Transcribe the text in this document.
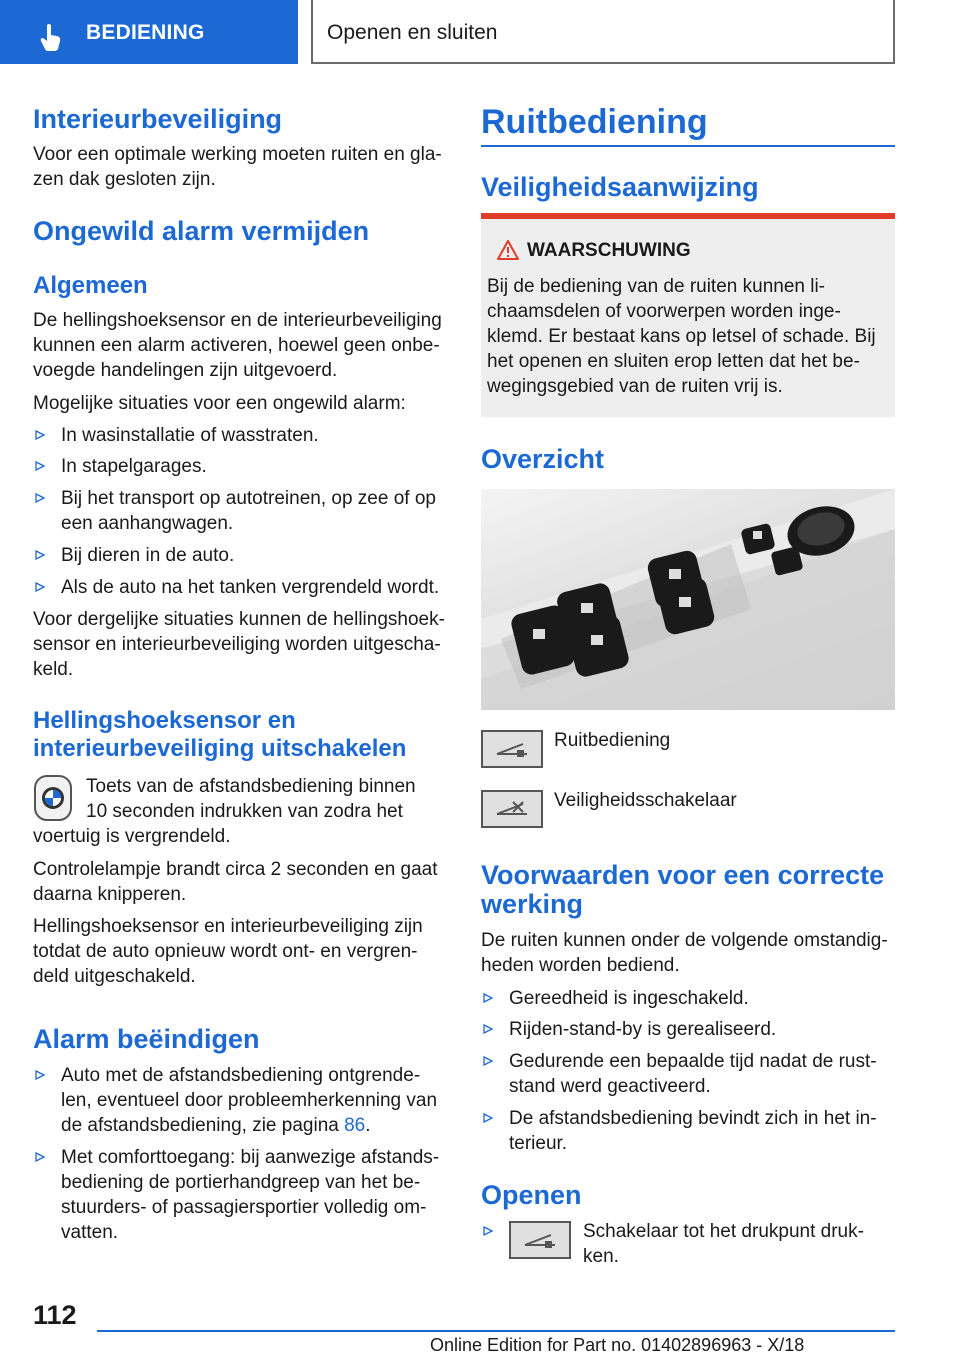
BEDIENING	Openen en sluiten
Interieurbeveiliging

Voor een optimale werking moeten ruiten en gla-

zen dak gesloten zijn.

Ongewild alarm vermijden
Algemeen

De hellingshoeksensor en de interieurbeveiliging

kunnen een alarm activeren, hoewel geen onbe-

voegde handelingen zijn uitgevoerd.

Mogelijke situaties voor een ongewild alarm:

In wasinstallatie of wasstraten.
In stapelgarages.
Bij het transport op autotreinen, op zee of op
een aanhangwagen.
Bij dieren in de auto.
Als de auto na het tanken vergrendeld wordt.

Voor dergelijke situaties kunnen de hellingshoek-

sensor en interieurbeveiliging worden uitgescha-

keld.

Hellingshoeksensor en
interieurbeveiliging uitschakelen

Toets van de afstandsbediening binnen

10 seconden indrukken van zodra het

voertuig is vergrendeld.

Controlelampje brandt circa 2 seconden en gaat

daarna knipperen.

Hellingshoeksensor en interieurbeveiliging zijn

totdat de auto opnieuw wordt ont- en vergren-

deld uitgeschakeld.

Alarm beëindigen
Auto met de afstandsbediening ontgrende-
len, eventueel door probleemherkenning van
de afstandsbediening, zie pagina 86.
Met comforttoegang: bij aanwezige afstands-
bediening de portierhandgreep van het be-
stuurders- of passagiersportier volledig om-
vatten.
Ruitbediening
Veiligheidsaanwijzing
WAARSCHUWING

Bij de bediening van de ruiten kunnen li-

chaamsdelen of voorwerpen worden inge-

klemd. Er bestaat kans op letsel of schade. Bij

het openen en sluiten erop letten dat het be-

wegingsgebied van de ruiten vrij is.

Overzicht

Ruitbediening

Veiligheidsschakelaar

Voorwaarden voor een correcte
werking

De ruiten kunnen onder de volgende omstandig-

heden worden bediend.

Gereedheid is ingeschakeld.
Rijden-stand-by is gerealiseerd.
Gedurende een bepaalde tijd nadat de rust-
stand werd geactiveerd.
De afstandsbediening bevindt zich in het in-
terieur.
Openen

Schakelaar tot het drukpunt druk-

ken.

112
Online Edition for Part no. 01402896963 - X/18
